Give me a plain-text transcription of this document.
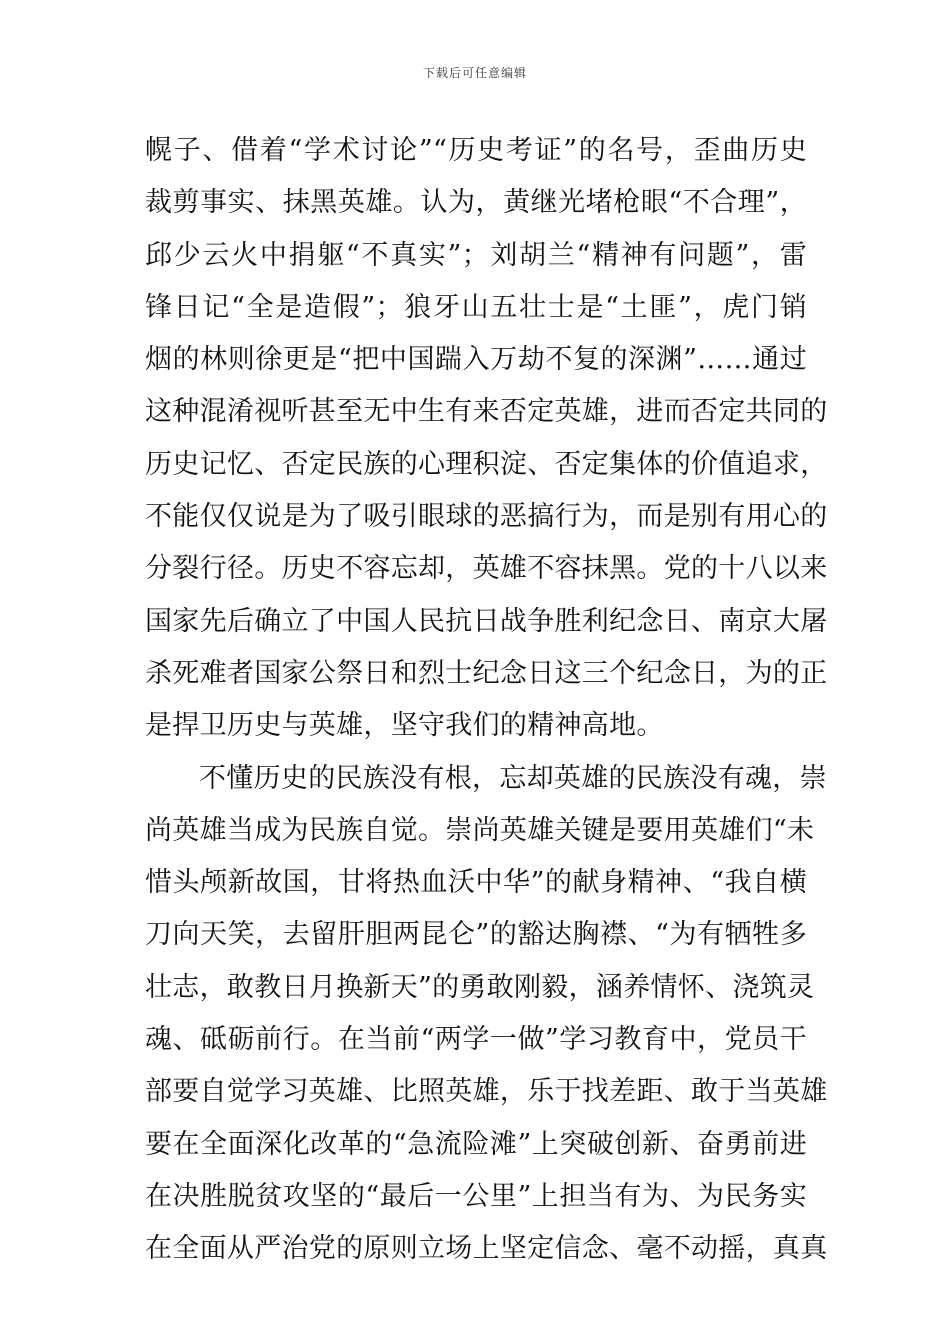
下载后可任意编辑
幌子、借着“学术讨论”“历史考证”的名号，歪曲历史
裁剪事实、抹黑英雄。认为，黄继光堵枪眼“不合理”，
邱少云火中捐躯“不真实”；刘胡兰“精神有问题”，雷
锋日记“全是造假”；狼牙山五壮士是“土匪”，虎门销
烟的林则徐更是“把中国踹入万劫不复的深渊”……通过
这种混淆视听甚至无中生有来否定英雄，进而否定共同的
历史记忆、否定民族的心理积淀、否定集体的价值追求，
不能仅仅说是为了吸引眼球的恶搞行为，而是别有用心的
分裂行径。历史不容忘却，英雄不容抹黑。党的十八以来
国家先后确立了中国人民抗日战争胜利纪念日、南京大屠
杀死难者国家公祭日和烈士纪念日这三个纪念日，为的正
是捍卫历史与英雄，坚守我们的精神高地。
不懂历史的民族没有根，忘却英雄的民族没有魂，崇
尚英雄当成为民族自觉。崇尚英雄关键是要用英雄们“未
惜头颅新故国，甘将热血沃中华”的献身精神、“我自横
刀向天笑，去留肝胆两昆仑”的豁达胸襟、“为有牺牲多
壮志，敢教日月换新天”的勇敢刚毅，涵养情怀、浇筑灵
魂、砥砺前行。在当前“两学一做”学习教育中，党员干
部要自觉学习英雄、比照英雄，乐于找差距、敢于当英雄
要在全面深化改革的“急流险滩”上突破创新、奋勇前进
在决胜脱贫攻坚的“最后一公里”上担当有为、为民务实
在全面从严治党的原则立场上坚定信念、毫不动摇，真真
